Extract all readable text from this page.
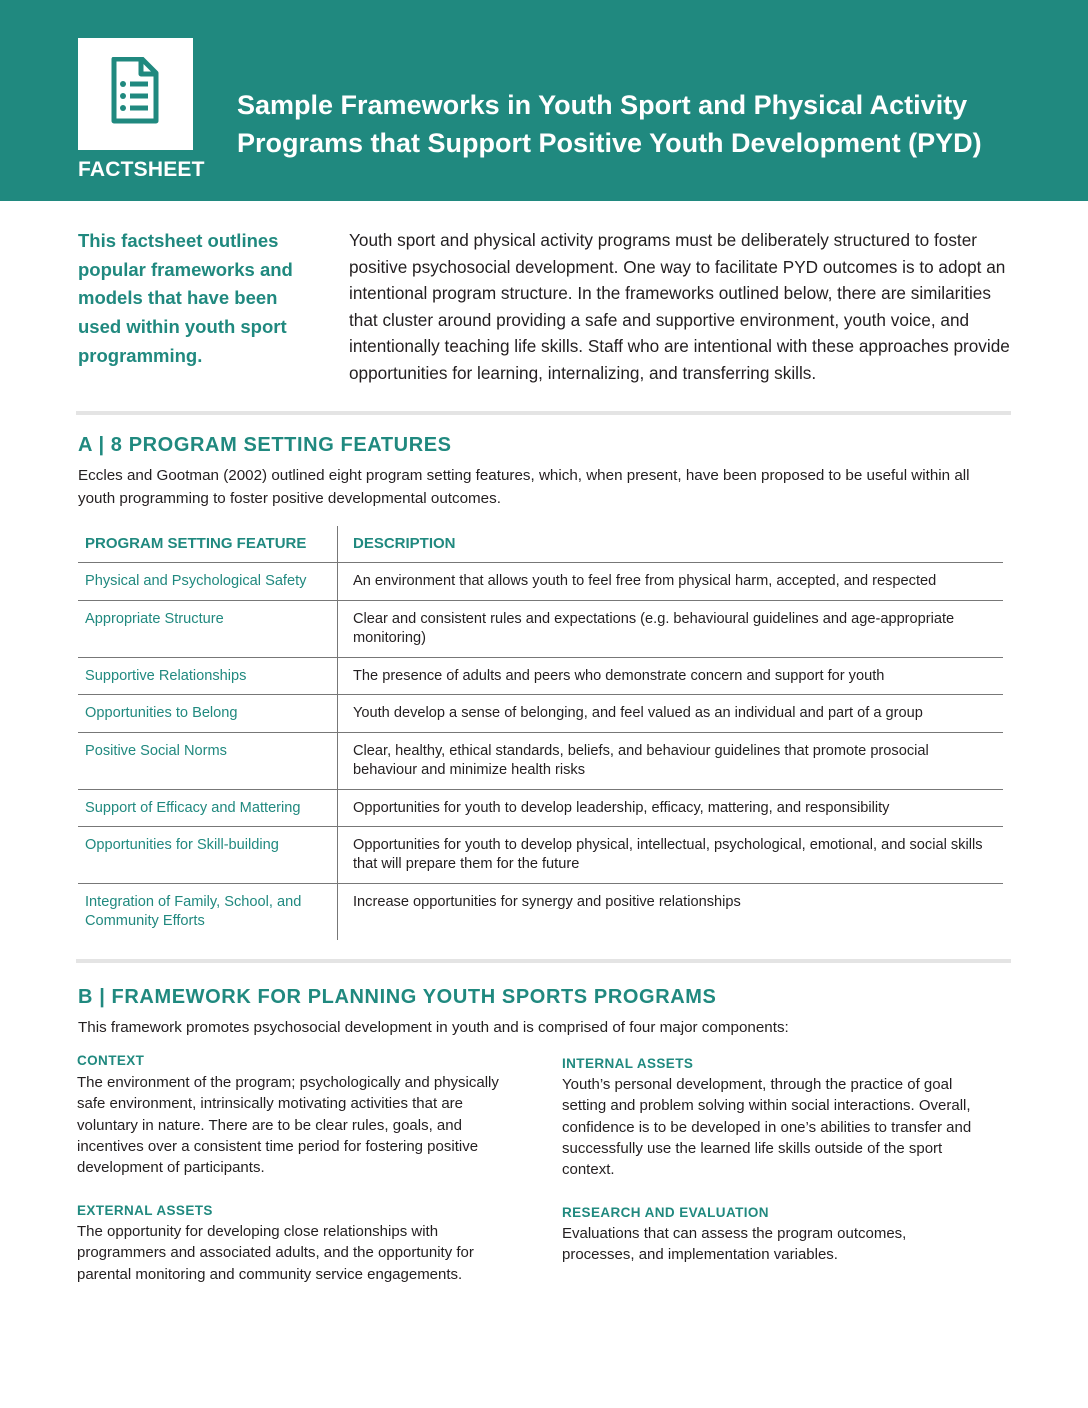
FACTSHEET
Sample Frameworks in Youth Sport and Physical Activity
Programs that Support Positive Youth Development (PYD)
This factsheet outlines popular frameworks and models that have been used within youth sport programming.
Youth sport and physical activity programs must be deliberately structured to foster positive psychosocial development. One way to facilitate PYD outcomes is to adopt an intentional program structure. In the frameworks outlined below, there are similarities that cluster around providing a safe and supportive environment, youth voice, and intentionally teaching life skills. Staff who are intentional with these approaches provide opportunities for learning, internalizing, and transferring skills.
A | 8 PROGRAM SETTING FEATURES
Eccles and Gootman (2002) outlined eight program setting features, which, when present, have been proposed to be useful within all youth programming to foster positive developmental outcomes.
PROGRAM SETTING FEATURE	DESCRIPTION
Physical and Psychological Safety	An environment that allows youth to feel free from physical harm, accepted, and respected
Appropriate Structure	Clear and consistent rules and expectations (e.g. behavioural guidelines and age-appropriate monitoring)
Supportive Relationships	The presence of adults and peers who demonstrate concern and support for youth
Opportunities to Belong	Youth develop a sense of belonging, and feel valued as an individual and part of a group
Positive Social Norms	Clear, healthy, ethical standards, beliefs, and behaviour guidelines that promote prosocial behaviour and minimize health risks
Support of Efficacy and Mattering	Opportunities for youth to develop leadership, efficacy, mattering, and responsibility
Opportunities for Skill-building	Opportunities for youth to develop physical, intellectual, psychological, emotional, and social skills that will prepare them for the future
Integration of Family, School, and Community Efforts	Increase opportunities for synergy and positive relationships
B | FRAMEWORK FOR PLANNING YOUTH SPORTS PROGRAMS
This framework promotes psychosocial development in youth and is comprised of four major components:
CONTEXT
The environment of the program; psychologically and physically safe environment, intrinsically motivating activities that are voluntary in nature. There are to be clear rules, goals, and incentives over a consistent time period for fostering positive development of participants.
EXTERNAL ASSETS
The opportunity for developing close relationships with programmers and associated adults, and the opportunity for parental monitoring and community service engagements.
INTERNAL ASSETS
Youth’s personal development, through the practice of goal setting and problem solving within social interactions. Overall, confidence is to be developed in one’s abilities to transfer and successfully use the learned life skills outside of the sport context.
RESEARCH AND EVALUATION
Evaluations that can assess the program outcomes, processes, and implementation variables.
